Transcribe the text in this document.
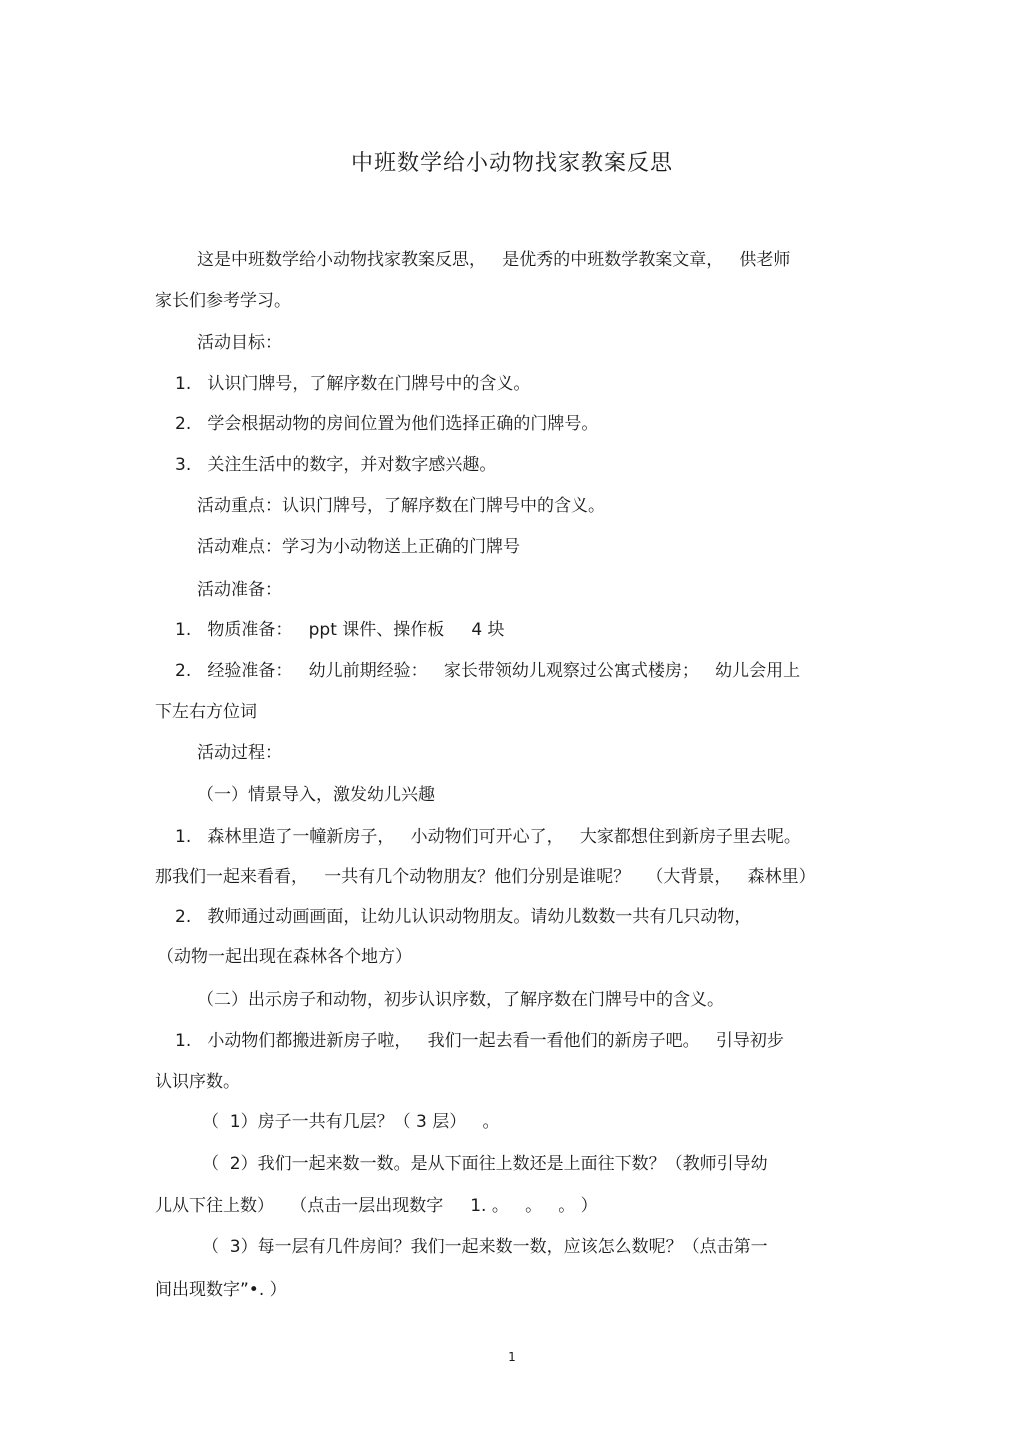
中班数学给小动物找家教案反思
这是中班数学给小动物找家教案反思，   是优秀的中班数学教案文章，   供老师
家长们参考学习。
活动目标：
1.   认识门牌号，了解序数在门牌号中的含义。
2.   学会根据动物的房间位置为他们选择正确的门牌号。
3.   关注生活中的数字，并对数字感兴趣。
活动重点：认识门牌号，了解序数在门牌号中的含义。
活动难点：学习为小动物送上正确的门牌号
活动准备：
1.   物质准备：   ppt 课件、操作板     4 块
2.   经验准备：   幼儿前期经验：   家长带领幼儿观察过公寓式楼房；   幼儿会用上
下左右方位词
活动过程：
（一）情景导入，激发幼儿兴趣
1.   森林里造了一幢新房子，   小动物们可开心了，   大家都想住到新房子里去呢。
那我们一起来看看，   一共有几个动物朋友？他们分别是谁呢？   （大背景，   森林里）
2.   教师通过动画画面，让幼儿认识动物朋友。请幼儿数数一共有几只动物，
（动物一起出现在森林各个地方）
（二）出示房子和动物，初步认识序数，了解序数在门牌号中的含义。
1.   小动物们都搬进新房子啦，   我们一起去看一看他们的新房子吧。   引导初步
认识序数。
（  1）房子一共有几层？（ 3 层）   。
（  2）我们一起来数一数。是从下面往上数还是上面往下数？（教师引导幼
儿从下往上数）   （点击一层出现数字     1. 。   。   。 ）
（  3）每一层有几件房间？我们一起来数一数，应该怎么数呢？（点击第一
间出现数字”•. ）
1
